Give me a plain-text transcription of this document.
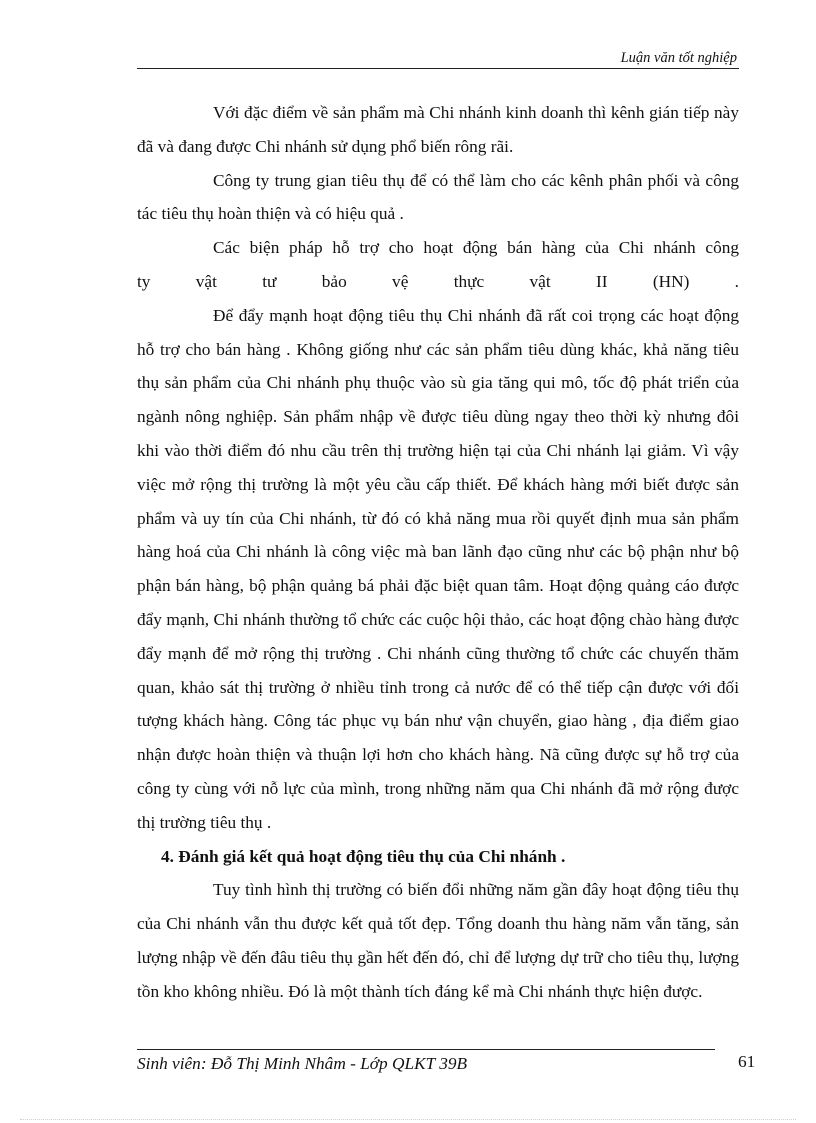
Luận văn tốt nghiệp

Với đặc điểm về sản phẩm mà Chi nhánh kinh doanh thì kênh gián tiếp này đã và đang được Chi nhánh sử dụng phổ biến rông rãi.

Công ty trung gian tiêu thụ để có thể làm cho các kênh phân phối và công tác tiêu thụ hoàn thiện và có hiệu quả .

Các biện pháp hỗ trợ cho hoạt động bán hàng của Chi nhánh công

ty vật tư bảo vệ thực vật II (HN) .

Để đẩy mạnh hoạt động tiêu thụ Chi nhánh đã rất coi trọng các hoạt động hỗ trợ cho bán hàng . Không giống như các sản phẩm tiêu dùng khác, khả năng tiêu thụ sản phẩm của Chi nhánh phụ thuộc vào sù gia tăng qui mô, tốc độ phát triển của ngành nông nghiệp. Sản phẩm nhập về được tiêu dùng ngay theo thời kỳ nhưng đôi khi vào thời điểm đó nhu cầu trên thị trường hiện tại của Chi nhánh lại giảm. Vì vậy việc mở rộng thị trường là một yêu cầu cấp thiết. Để khách hàng mới biết được sản phẩm và uy tín của Chi nhánh, từ đó có khả năng mua rồi quyết định mua sản phẩm hàng hoá của Chi nhánh là công việc mà ban lãnh đạo cũng như các bộ phận như bộ phận bán hàng, bộ phận quảng bá phải đặc biệt quan tâm. Hoạt động quảng cáo được đẩy mạnh, Chi nhánh thường tổ chức các cuộc hội thảo, các hoạt động chào hàng được đẩy mạnh để mở rộng thị trường . Chi nhánh cũng thường tổ chức các chuyến thăm quan, khảo sát thị trường ở nhiều tỉnh trong cả nước để có thể tiếp cận được với đối tượng khách hàng. Công tác phục vụ bán như vận chuyển, giao hàng , địa điểm giao nhận được hoàn thiện và thuận lợi hơn cho khách hàng. Nã cũng được sự hỗ trợ của công ty cùng với nỗ lực của mình, trong những năm qua Chi nhánh đã mở rộng được thị trường tiêu thụ .

4. Đánh giá kết quả hoạt động tiêu thụ của Chi nhánh .

Tuy tình hình thị trường có biến đổi những năm gần đây hoạt động tiêu thụ của Chi nhánh vẫn thu được kết quả tốt đẹp. Tổng doanh thu hàng năm vẫn tăng, sản lượng nhập về đến đâu tiêu thụ gần hết đến đó, chỉ để lượng dự trữ cho tiêu thụ, lượng tồn kho không nhiều. Đó là một thành tích đáng kể mà Chi nhánh thực hiện được.

Sinh viên: Đỗ Thị Minh Nhâm - Lớp QLKT 39B	61
